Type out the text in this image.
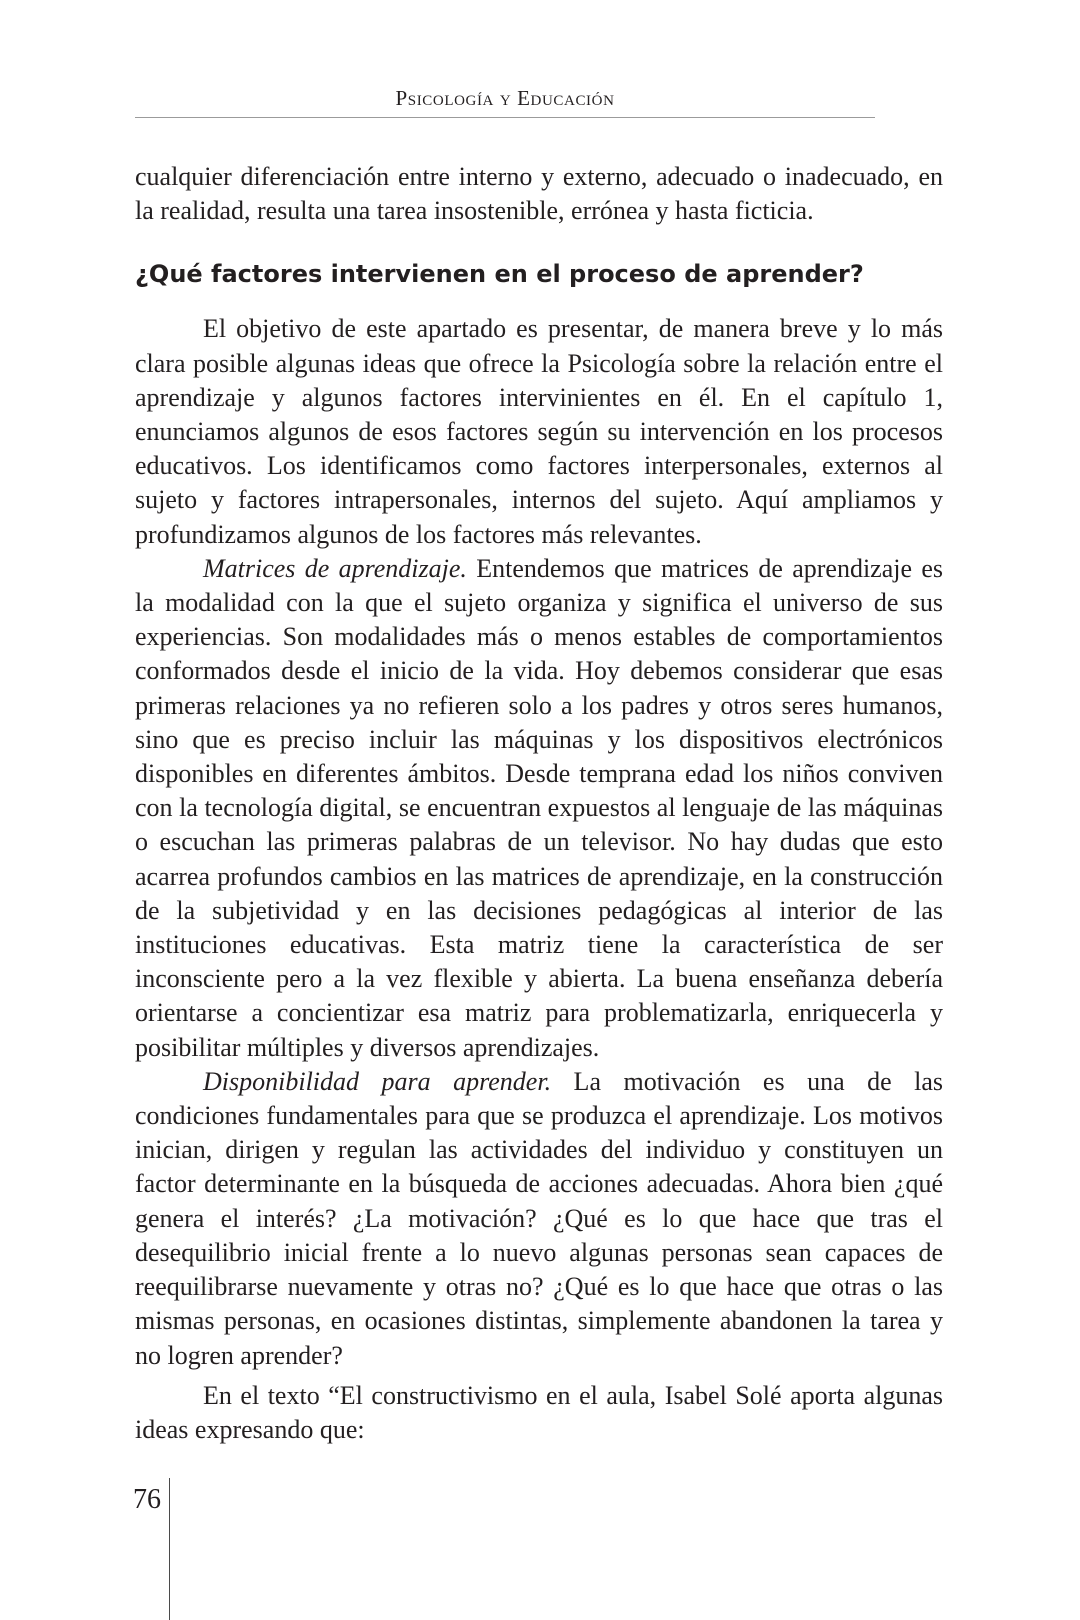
Psicología y Educación

cualquier diferenciación entre interno y externo, adecuado o inadecuado, en la realidad, resulta una tarea insostenible, errónea y hasta ficticia.

¿Qué factores intervienen en el proceso de aprender?

El objetivo de este apartado es presentar, de manera breve y lo más clara posible algunas ideas que ofrece la Psicología sobre la relación entre el aprendizaje y algunos factores intervinientes en él. En el capítulo 1, enunciamos algunos de esos factores según su intervención en los procesos educativos. Los identificamos como factores interpersonales, externos al sujeto y factores intrapersonales, internos del sujeto. Aquí ampliamos y profundizamos algunos de los factores más relevantes.

Matrices de aprendizaje. Entendemos que matrices de aprendizaje es la modalidad con la que el sujeto organiza y significa el universo de sus experiencias. Son modalidades más o menos estables de comportamientos conformados desde el inicio de la vida. Hoy debemos considerar que esas primeras relaciones ya no refieren solo a los padres y otros seres humanos, sino que es preciso incluir las máquinas y los dispositivos electrónicos disponibles en diferentes ámbitos. Desde temprana edad los niños conviven con la tecnología digital, se encuentran expuestos al lenguaje de las máquinas o escuchan las primeras palabras de un televisor. No hay dudas que esto acarrea profundos cambios en las matrices de aprendizaje, en la construcción de la subjetividad y en las decisiones pedagógicas al interior de las instituciones educativas. Esta matriz tiene la característica de ser inconsciente pero a la vez flexible y abierta. La buena enseñanza debería orientarse a concientizar esa matriz para problematizarla, enriquecerla y posibilitar múltiples y diversos aprendizajes.

Disponibilidad para aprender. La motivación es una de las condiciones fundamentales para que se produzca el aprendizaje. Los motivos inician, dirigen y regulan las actividades del individuo y constituyen un factor determinante en la búsqueda de acciones adecuadas. Ahora bien ¿qué genera el interés? ¿La motivación? ¿Qué es lo que hace que tras el desequilibrio inicial frente a lo nuevo algunas personas sean capaces de reequilibrarse nuevamente y otras no? ¿Qué es lo que hace que otras o las mismas personas, en ocasiones distintas, simplemente abandonen la tarea y no logren aprender?

En el texto “El constructivismo en el aula, Isabel Solé aporta algunas ideas expresando que:

76
